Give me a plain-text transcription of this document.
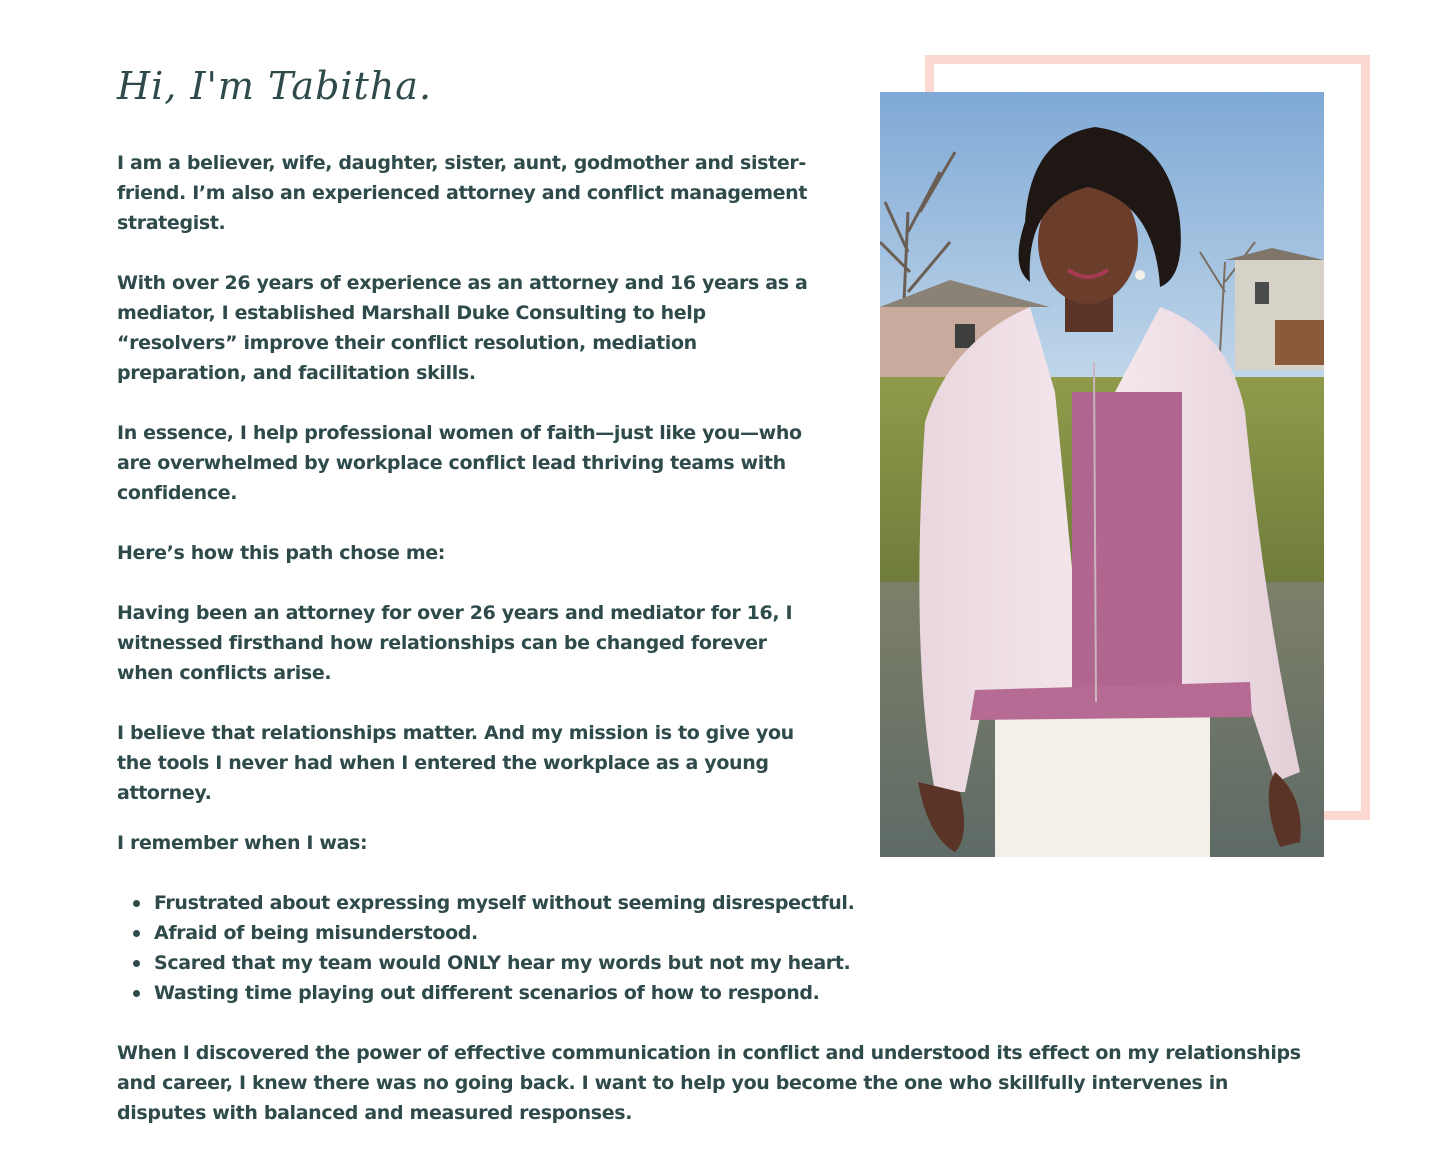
Hi, I'm Tabitha.

I am a believer, wife, daughter, sister, aunt, godmother and sister-friend. I’m also an experienced attorney and conflict management strategist.

With over 26 years of experience as an attorney and 16 years as a mediator, I established Marshall Duke Consulting to help “resolvers” improve their conflict resolution, mediation preparation, and facilitation skills.

In essence, I help professional women of faith—just like you—who are overwhelmed by workplace conflict lead thriving teams with confidence.

Here’s how this path chose me:

Having been an attorney for over 26 years and mediator for 16, I witnessed firsthand how relationships can be changed forever when conflicts arise.

I believe that relationships matter. And my mission is to give you the tools I never had when I entered the workplace as a young attorney.

I remember when I was:

Frustrated about expressing myself without seeming disrespectful.
Afraid of being misunderstood.
Scared that my team would ONLY hear my words but not my heart.
Wasting time playing out different scenarios of how to respond.

When I discovered the power of effective communication in conflict and understood its effect on my relationships and career, I knew there was no going back. I want to help you become the one who skillfully intervenes in disputes with balanced and measured responses.
